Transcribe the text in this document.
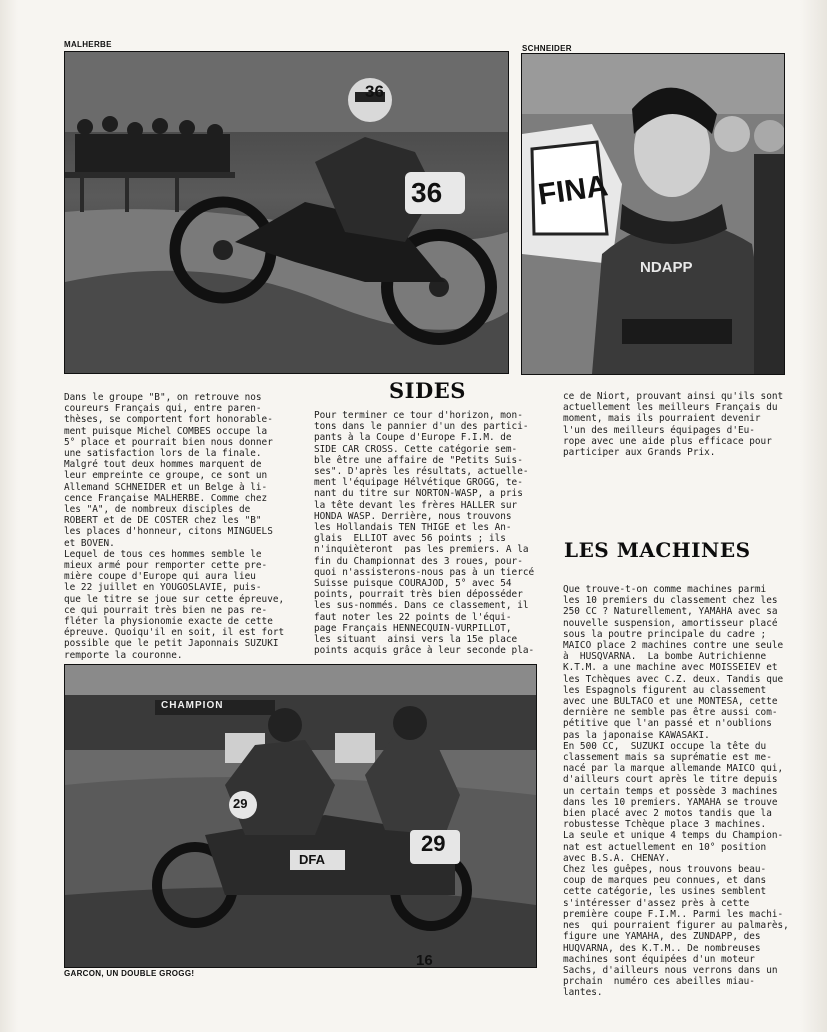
MALHERBE	SCHNEIDER
36
36	FINA
NDAPP
Dans le groupe "B", on retrouve nos
coureurs Français qui, entre paren-
thèses, se comportent fort honorable-
ment puisque Michel COMBES occupe la
5° place et pourrait bien nous donner
une satisfaction lors de la finale.
Malgré tout deux hommes marquent de
leur empreinte ce groupe, ce sont un
Allemand SCHNEIDER et un Belge à li-
cence Française MALHERBE. Comme chez
les "A", de nombreux disciples de
ROBERT et de DE COSTER chez les "B"
les places d'honneur, citons MINGUELS
et BOVEN.
Lequel de tous ces hommes semble le
mieux armé pour remporter cette pre-
mière coupe d'Europe qui aura lieu
le 22 juillet en YOUGOSLAVIE, puis-
que le titre se joue sur cette épreuve,
ce qui pourrait très bien ne pas re-
fléter la physionomie exacte de cette
épreuve. Quoiqu'il en soit, il est fort
possible que le petit Japonnais SUZUKI
remporte la couronne.
SIDES
Pour terminer ce tour d'horizon, mon-
tons dans le pannier d'un des partici-
pants à la Coupe d'Europe F.I.M. de
SIDE CAR CROSS. Cette catégorie sem-
ble être une affaire de "Petits Suis-
ses". D'après les résultats, actuelle-
ment l'équipage Hélvétique GROGG, te-
nant du titre sur NORTON-WASP, a pris
la tête devant les frères HALLER sur
HONDA WASP. Derrière, nous trouvons
les Hollandais TEN THIGE et les An-
glais  ELLIOT avec 56 points ; ils
n'inquièteront  pas les premiers. A la
fin du Championnat des 3 roues, pour-
quoi n'assisterons-nous pas à un tiercé
Suisse puisque COURAJOD, 5° avec 54
points, pourrait très bien déposséder
les sus-nommés. Dans ce classement, il
faut noter les 22 points de l'équi-
page Français HENNECQUIN-VURPILLOT,
les situant  ainsi vers la 15e place
points acquis grâce à leur seconde pla-
ce de Niort, prouvant ainsi qu'ils sont
actuellement les meilleurs Français du
moment, mais ils pourraient devenir
l'un des meilleurs équipages d'Eu-
rope avec une aide plus efficace pour
participer aux Grands Prix.
LES MACHINES
Que trouve-t-on comme machines parmi
les 10 premiers du classement chez les
250 CC ? Naturellement, YAMAHA avec sa
nouvelle suspension, amortisseur placé
sous la poutre principale du cadre ;
MAICO place 2 machines contre une seule
à  HUSQVARNA.  La bombe Autrichienne
K.T.M. a une machine avec MOISSEIEV et
les Tchèques avec C.Z. deux. Tandis que
les Espagnols figurent au classement
avec une BULTACO et une MONTESA, cette
dernière ne semble pas être aussi com-
pétitive que l'an passé et n'oublions
pas la japonaise KAWASAKI.
En 500 CC,  SUZUKI occupe la tête du
classement mais sa suprématie est me-
nacé par la marque allemande MAICO qui,
d'ailleurs court après le titre depuis
un certain temps et possède 3 machines
dans les 10 premiers. YAMAHA se trouve
bien placé avec 2 motos tandis que la
robustesse Tchèque place 3 machines.
La seule et unique 4 temps du Champion-
nat est actuellement en 10° position
avec B.S.A. CHENAY.
Chez les guêpes, nous trouvons beau-
coup de marques peu connues, et dans
cette catégorie, les usines semblent
s'intéresser d'assez près à cette
première coupe F.I.M.. Parmi les machi-
nes  qui pourraient figurer au palmarès,
figure une YAMAHA, des ZUNDAPP, des
HUQVARNA, des K.T.M.. De nombreuses
machines sont équipées d'un moteur
Sachs, d'ailleurs nous verrons dans un
prchain  numéro ces abeilles miau-
lantes.
CHAMPION
29
29
DFA
GARCON, UN DOUBLE GROGG!
16
